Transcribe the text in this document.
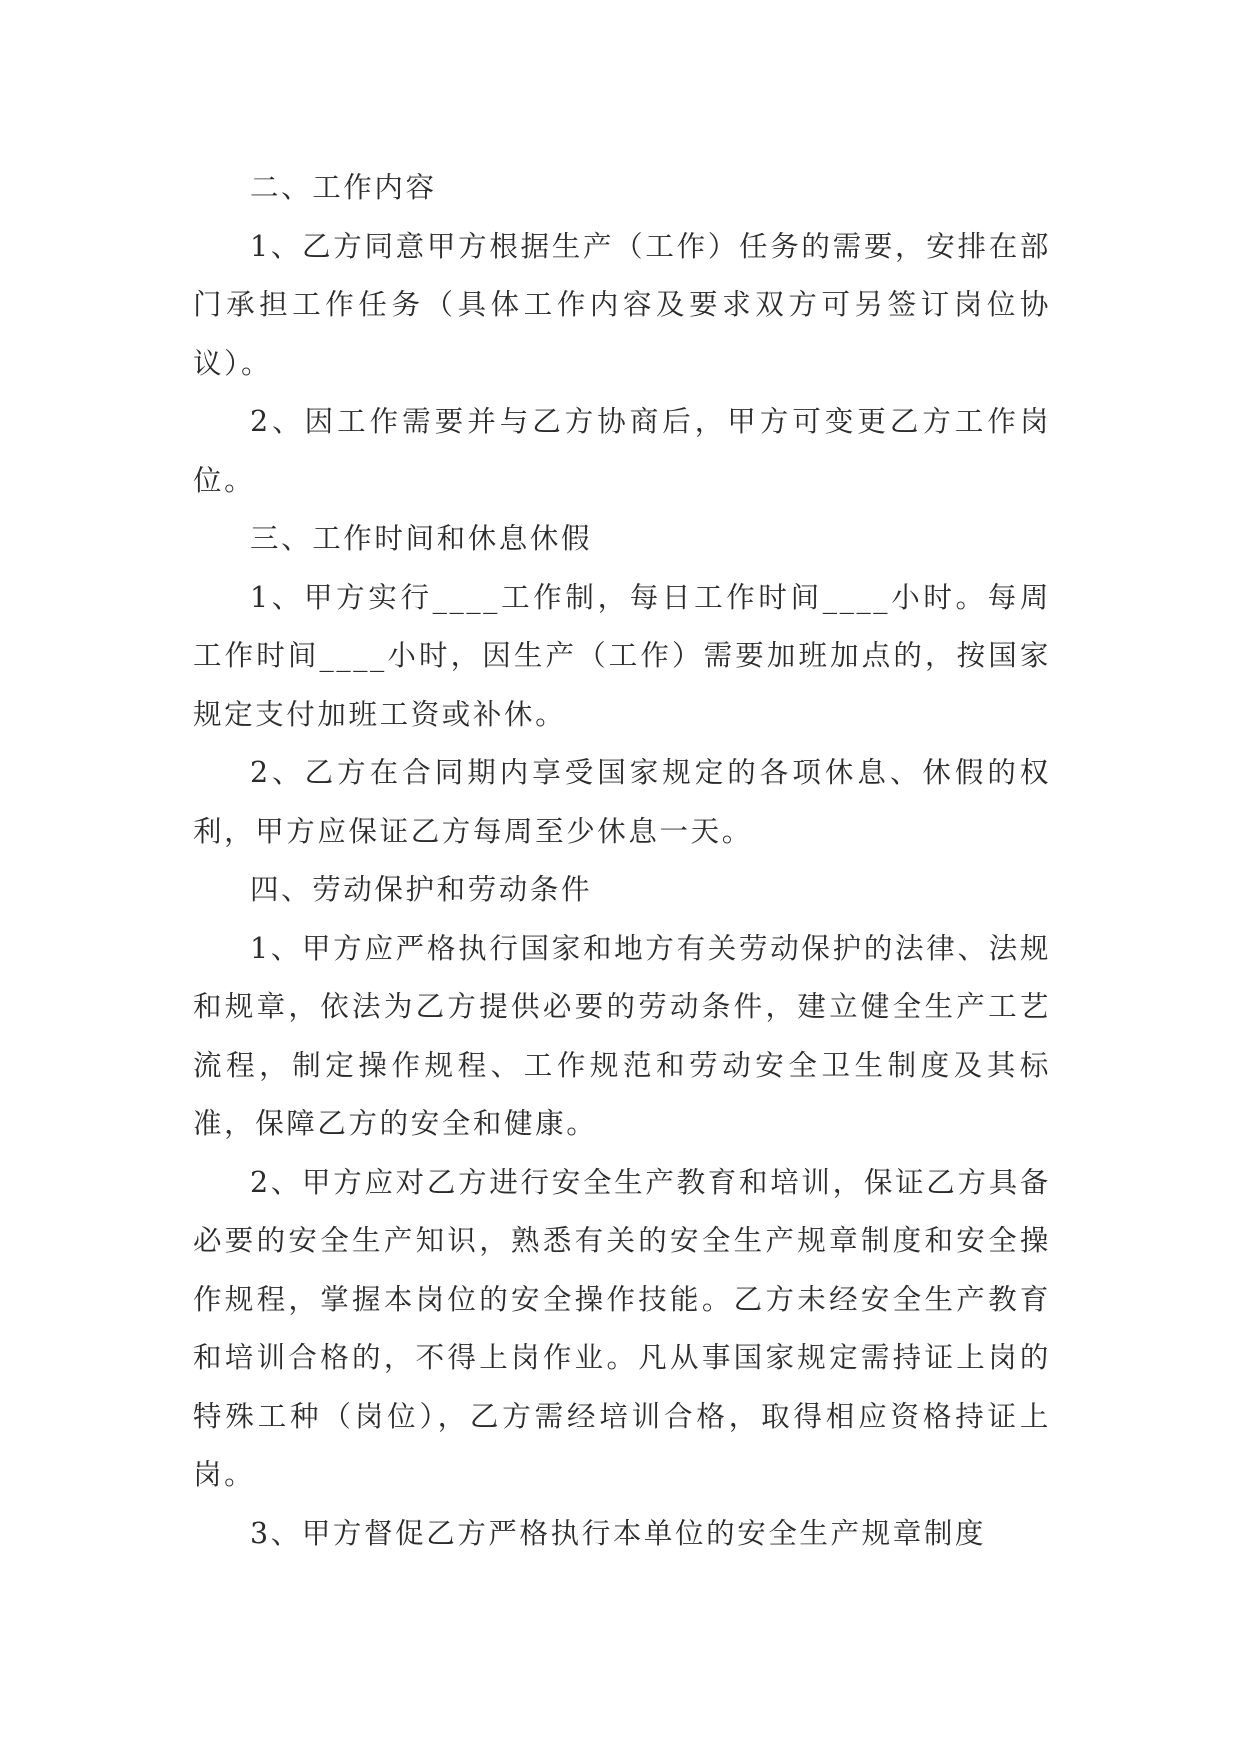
二、工作内容

1、乙方同意甲方根据生产（工作）任务的需要，安排在部门承担工作任务（具体工作内容及要求双方可另签订岗位协议）。

2、因工作需要并与乙方协商后，甲方可变更乙方工作岗位。

三、工作时间和休息休假

1、甲方实行____工作制，每日工作时间____小时。每周工作时间____小时，因生产（工作）需要加班加点的，按国家规定支付加班工资或补休。

2、乙方在合同期内享受国家规定的各项休息、休假的权利，甲方应保证乙方每周至少休息一天。

四、劳动保护和劳动条件

1、甲方应严格执行国家和地方有关劳动保护的法律、法规和规章，依法为乙方提供必要的劳动条件，建立健全生产工艺流程，制定操作规程、工作规范和劳动安全卫生制度及其标准，保障乙方的安全和健康。

2、甲方应对乙方进行安全生产教育和培训，保证乙方具备必要的安全生产知识，熟悉有关的安全生产规章制度和安全操作规程，掌握本岗位的安全操作技能。乙方未经安全生产教育和培训合格的，不得上岗作业。凡从事国家规定需持证上岗的特殊工种（岗位），乙方需经培训合格，取得相应资格持证上岗。

3、甲方督促乙方严格执行本单位的安全生产规章制度
